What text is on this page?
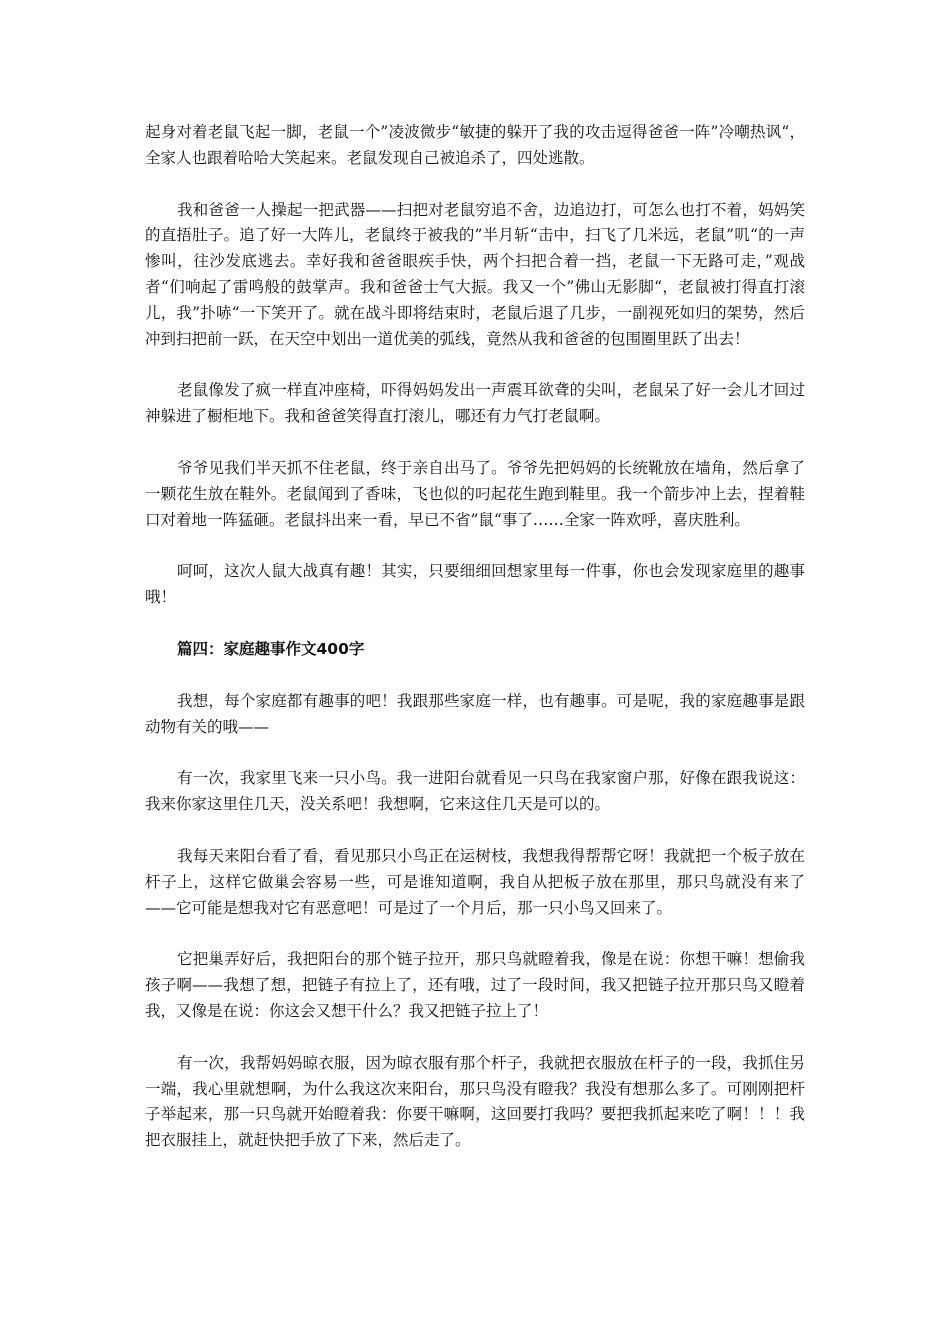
起身对着老鼠飞起一脚，老鼠一个”凌波微步“敏捷的躲开了我的攻击逗得爸爸一阵”冷嘲热讽“，全家人也跟着哈哈大笑起来。老鼠发现自己被追杀了，四处逃散。

我和爸爸一人操起一把武器——扫把对老鼠穷追不舍，边追边打，可怎么也打不着，妈妈笑的直捂肚子。追了好一大阵儿，老鼠终于被我的”半月斩“击中，扫飞了几米远，老鼠”叽“的一声惨叫，往沙发底逃去。幸好我和爸爸眼疾手快，两个扫把合着一挡，老鼠一下无路可走，”观战者“们响起了雷鸣般的鼓掌声。我和爸爸士气大振。我又一个”佛山无影脚“，老鼠被打得直打滚儿，我”扑哧“一下笑开了。就在战斗即将结束时，老鼠后退了几步，一副视死如归的架势，然后冲到扫把前一跃，在天空中划出一道优美的弧线，竟然从我和爸爸的包围圈里跃了出去！

老鼠像发了疯一样直冲座椅，吓得妈妈发出一声震耳欲聋的尖叫，老鼠呆了好一会儿才回过神躲进了橱柜地下。我和爸爸笑得直打滚儿，哪还有力气打老鼠啊。

爷爷见我们半天抓不住老鼠，终于亲自出马了。爷爷先把妈妈的长统靴放在墙角，然后拿了一颗花生放在鞋外。老鼠闻到了香味，飞也似的叼起花生跑到鞋里。我一个箭步冲上去，捏着鞋口对着地一阵猛砸。老鼠抖出来一看，早已不省”鼠“事了……全家一阵欢呼，喜庆胜利。

呵呵，这次人鼠大战真有趣！其实，只要细细回想家里每一件事，你也会发现家庭里的趣事哦！

篇四：家庭趣事作文400字

我想，每个家庭都有趣事的吧！我跟那些家庭一样，也有趣事。可是呢，我的家庭趣事是跟动物有关的哦——

有一次，我家里飞来一只小鸟。我一进阳台就看见一只鸟在我家窗户那，好像在跟我说这：我来你家这里住几天，没关系吧！我想啊，它来这住几天是可以的。

我每天来阳台看了看，看见那只小鸟正在运树枝，我想我得帮帮它呀！我就把一个板子放在杆子上，这样它做巢会容易一些，可是谁知道啊，我自从把板子放在那里，那只鸟就没有来了——它可能是想我对它有恶意吧！可是过了一个月后，那一只小鸟又回来了。

它把巢弄好后，我把阳台的那个链子拉开，那只鸟就瞪着我，像是在说：你想干嘛！想偷我孩子啊——我想了想，把链子有拉上了，还有哦，过了一段时间，我又把链子拉开那只鸟又瞪着我，又像是在说：你这会又想干什么？我又把链子拉上了！

有一次，我帮妈妈晾衣服，因为晾衣服有那个杆子，我就把衣服放在杆子的一段，我抓住另一端，我心里就想啊，为什么我这次来阳台，那只鸟没有瞪我？我没有想那么多了。可刚刚把杆子举起来，那一只鸟就开始瞪着我：你要干嘛啊，这回要打我吗？要把我抓起来吃了啊！！！我把衣服挂上，就赶快把手放了下来，然后走了。
